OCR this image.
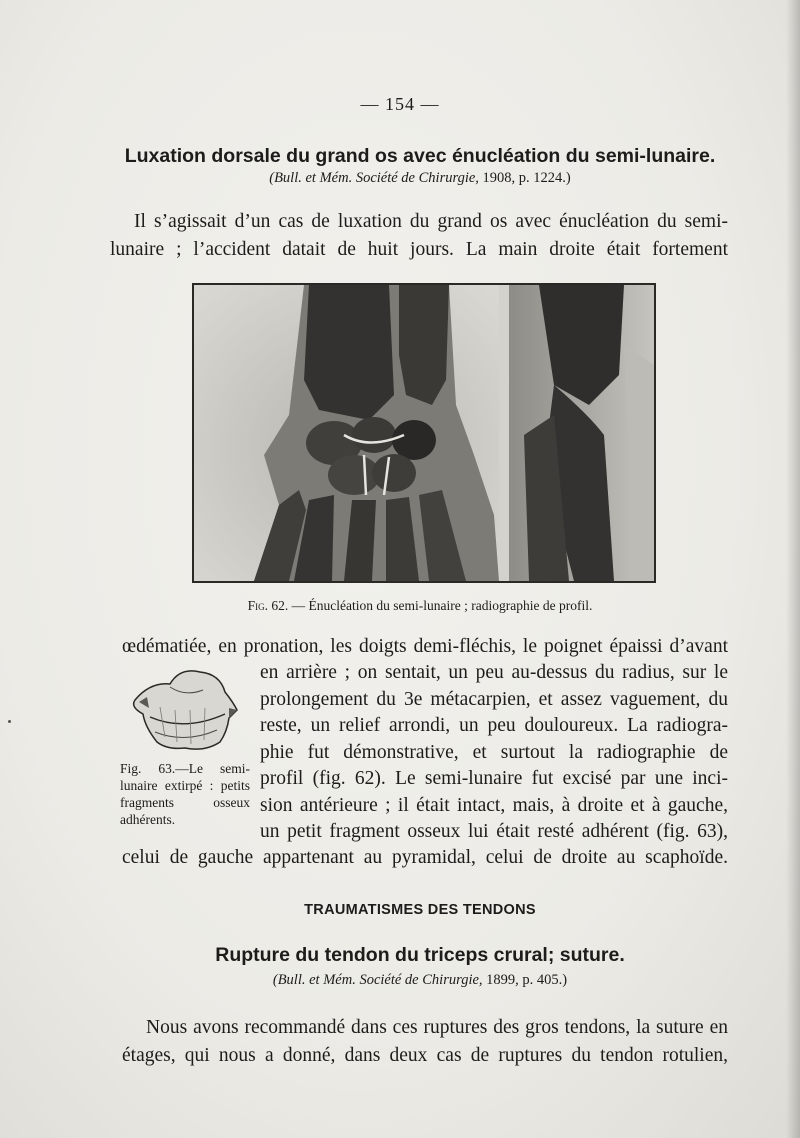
— 154 —
Luxation dorsale du grand os avec énucléation du semi-lunaire.
(Bull. et Mém. Société de Chirurgie, 1908, p. 1224.)
Il s’agissait d’un cas de luxation du grand os avec énucléation du semi-
lunaire ; l’accident datait de huit jours. La main droite était fortement
Fig. 62. — Énucléation du semi-lunaire ; radiographie de profil.
œdématiée, en pronation, les doigts demi-fléchis, le poignet épaissi d’avant
en arrière ; on sentait, un peu au-dessus du radius, sur le
prolongement du 3e métacarpien, et assez vaguement, du
reste, un relief arrondi, un peu douloureux. La radiogra-
phie fut démonstrative, et surtout la radiographie de
profil (fig. 62). Le semi-lunaire fut excisé par une inci-
sion antérieure ; il était intact, mais, à droite et à gauche,
un petit fragment osseux lui était resté adhérent (fig. 63),
Fig. 63.—Le semi-lunaire extirpé : petits fragments osseux adhérents.
celui de gauche appartenant au pyramidal, celui de droite au scaphoïde.
TRAUMATISMES DES TENDONS
Rupture du tendon du triceps crural; suture.
(Bull. et Mém. Société de Chirurgie, 1899, p. 405.)
Nous avons recommandé dans ces ruptures des gros tendons, la suture en
étages, qui nous a donné, dans deux cas de ruptures du tendon rotulien,
